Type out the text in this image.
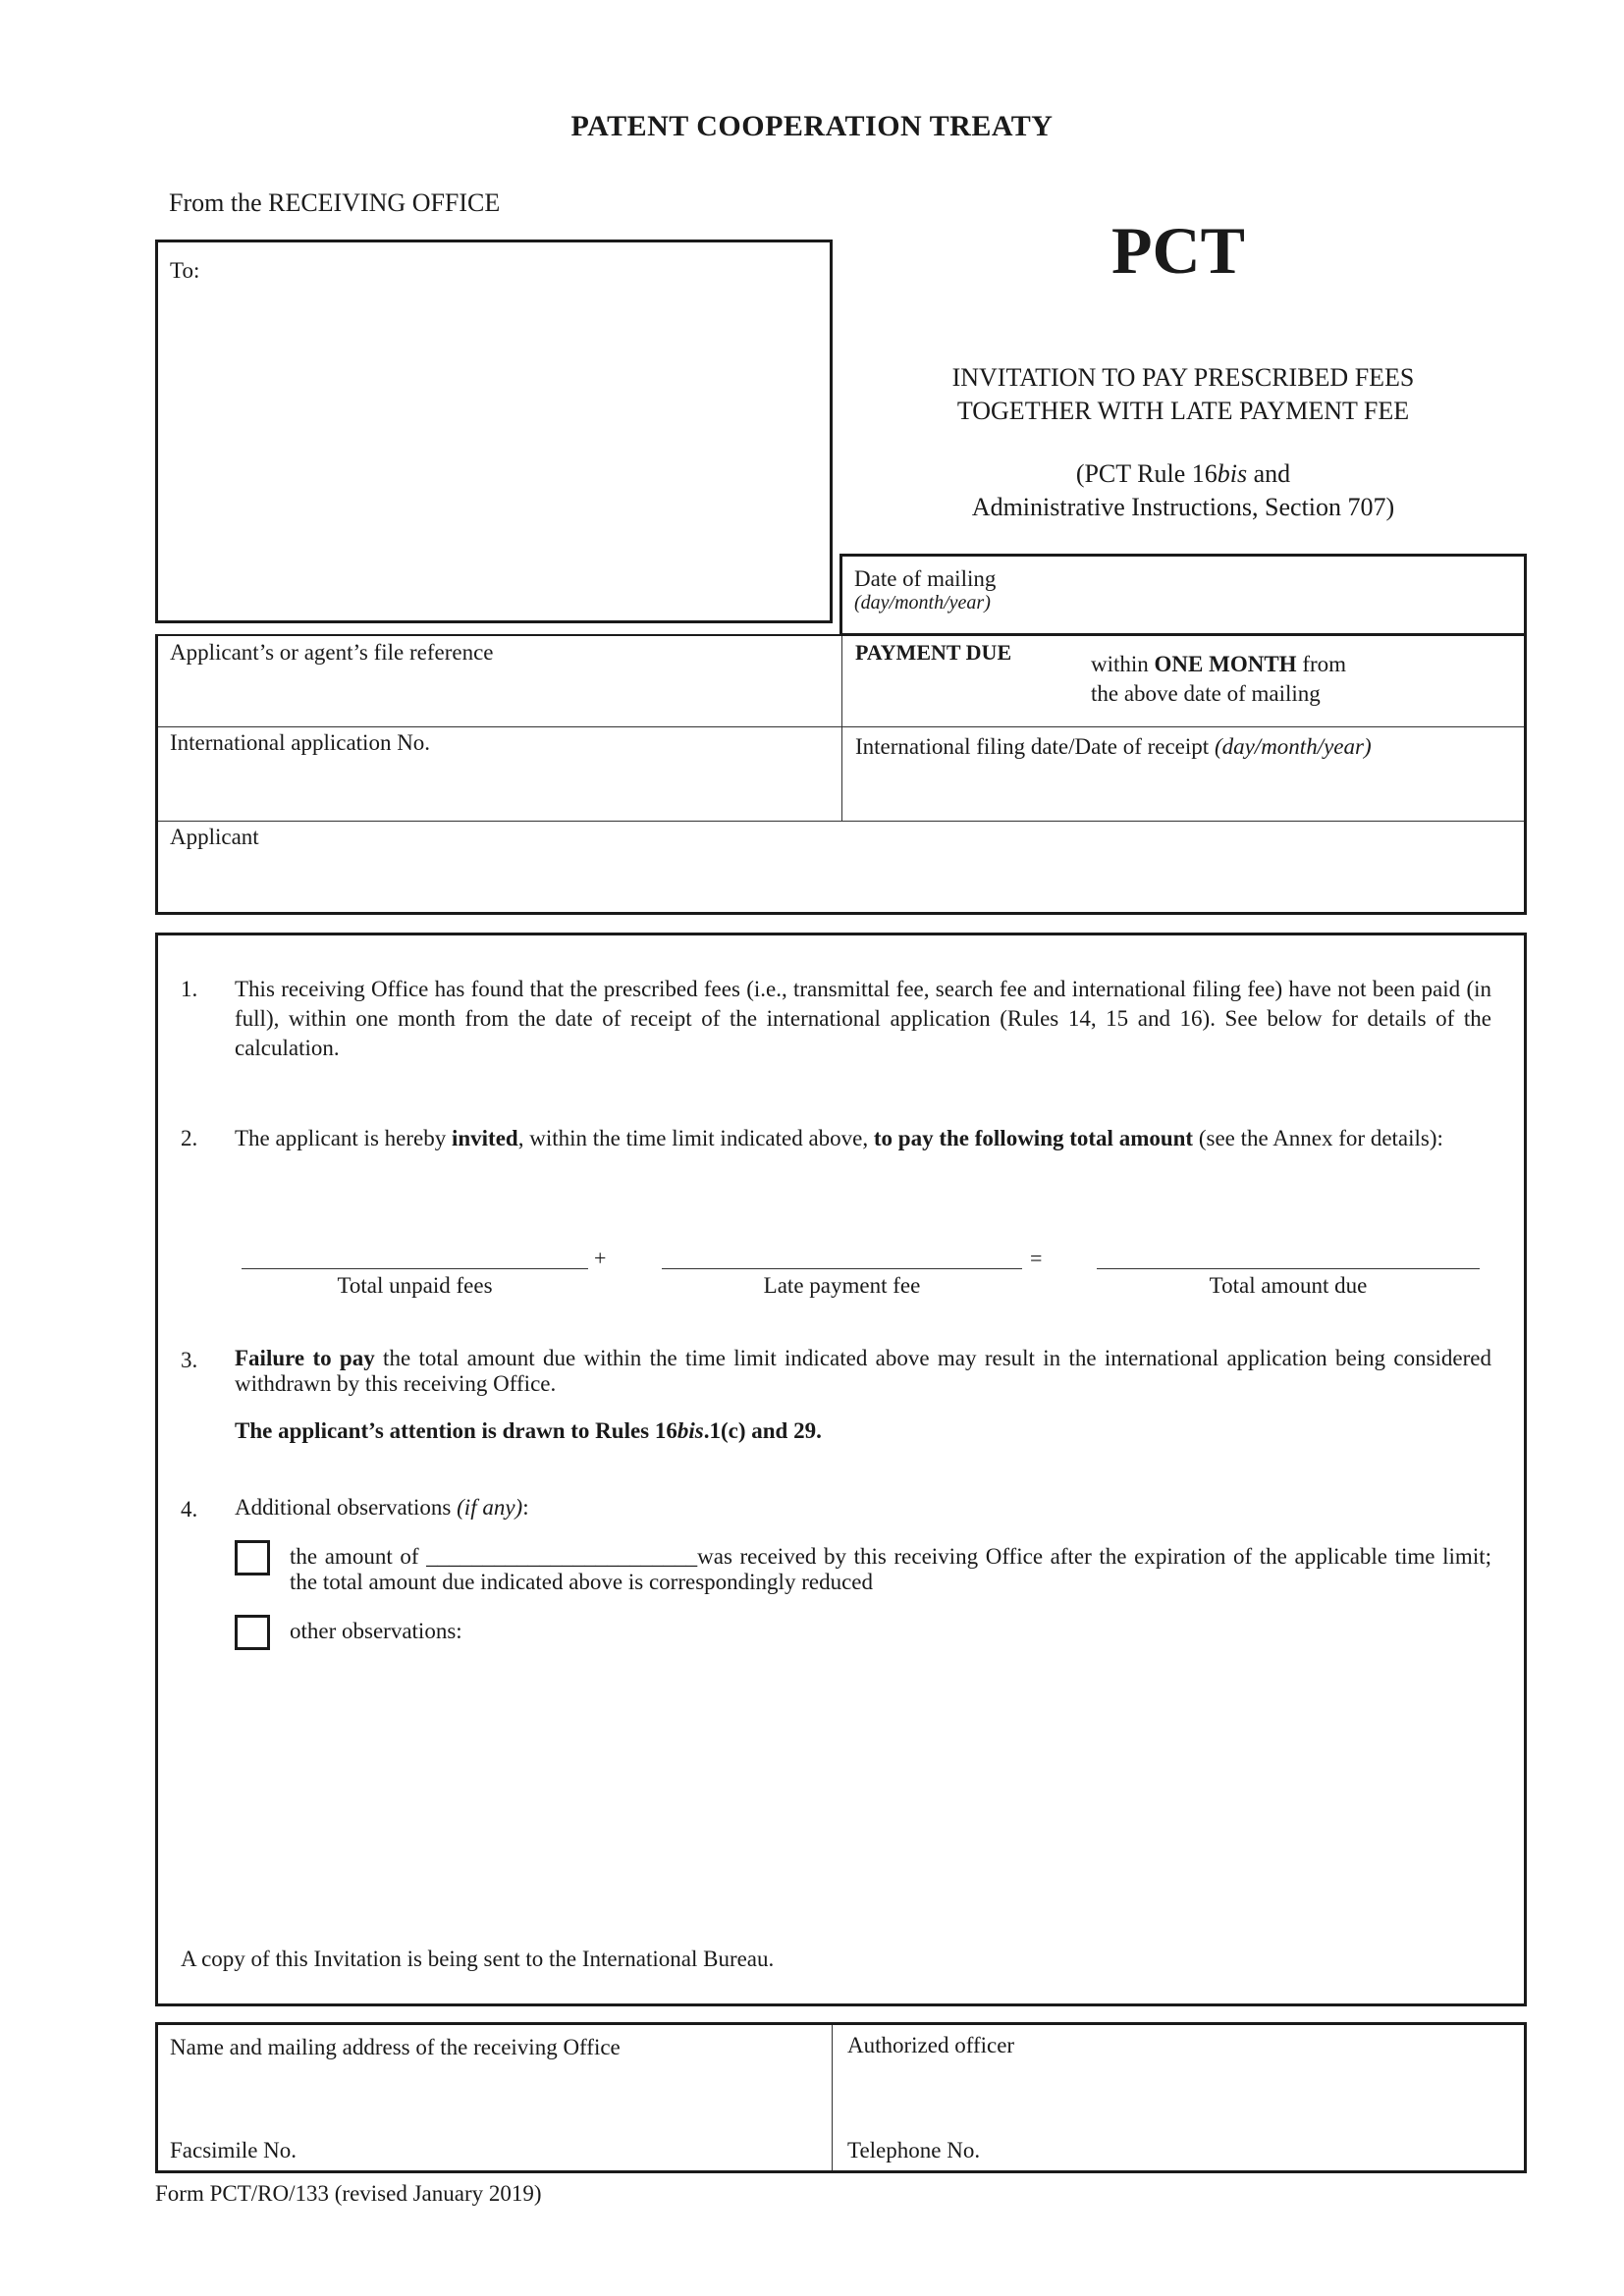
PATENT COOPERATION TREATY
From the RECEIVING OFFICE
To:	PCT
INVITATION TO PAY PRESCRIBED FEES
TOGETHER WITH LATE PAYMENT FEE
(PCT Rule 16bis and
Administrative Instructions, Section 707)
Date of mailing
(day/month/year)
Applicant’s or agent’s file reference	PAYMENT DUE	within ONE MONTH from
the above date of mailing
International application No.	International filing date/Date of receipt (day/month/year)
Applicant
1. This receiving Office has found that the prescribed fees (i.e., transmittal fee, search fee and international filing fee) have not been paid (in full), within one month from the date of receipt of the international application (Rules 14, 15 and 16). See below for details of the calculation.
2. The applicant is hereby invited, within the time limit indicated above, to pay the following total amount (see the Annex for details):
+	=
Total unpaid fees	Late payment fee	Total amount due
3. Failure to pay the total amount due within the time limit indicated above may result in the international application being considered withdrawn by this receiving Office.
The applicant’s attention is drawn to Rules 16bis.1(c) and 29.
4. Additional observations (if any):
the amount of ________________________was received by this receiving Office after the expiration of the applicable time limit; the total amount due indicated above is correspondingly reduced
other observations:
A copy of this Invitation is being sent to the International Bureau.
Name and mailing address of the receiving Office	Authorized officer
Facsimile No.	Telephone No.
Form PCT/RO/133 (revised January 2019)
